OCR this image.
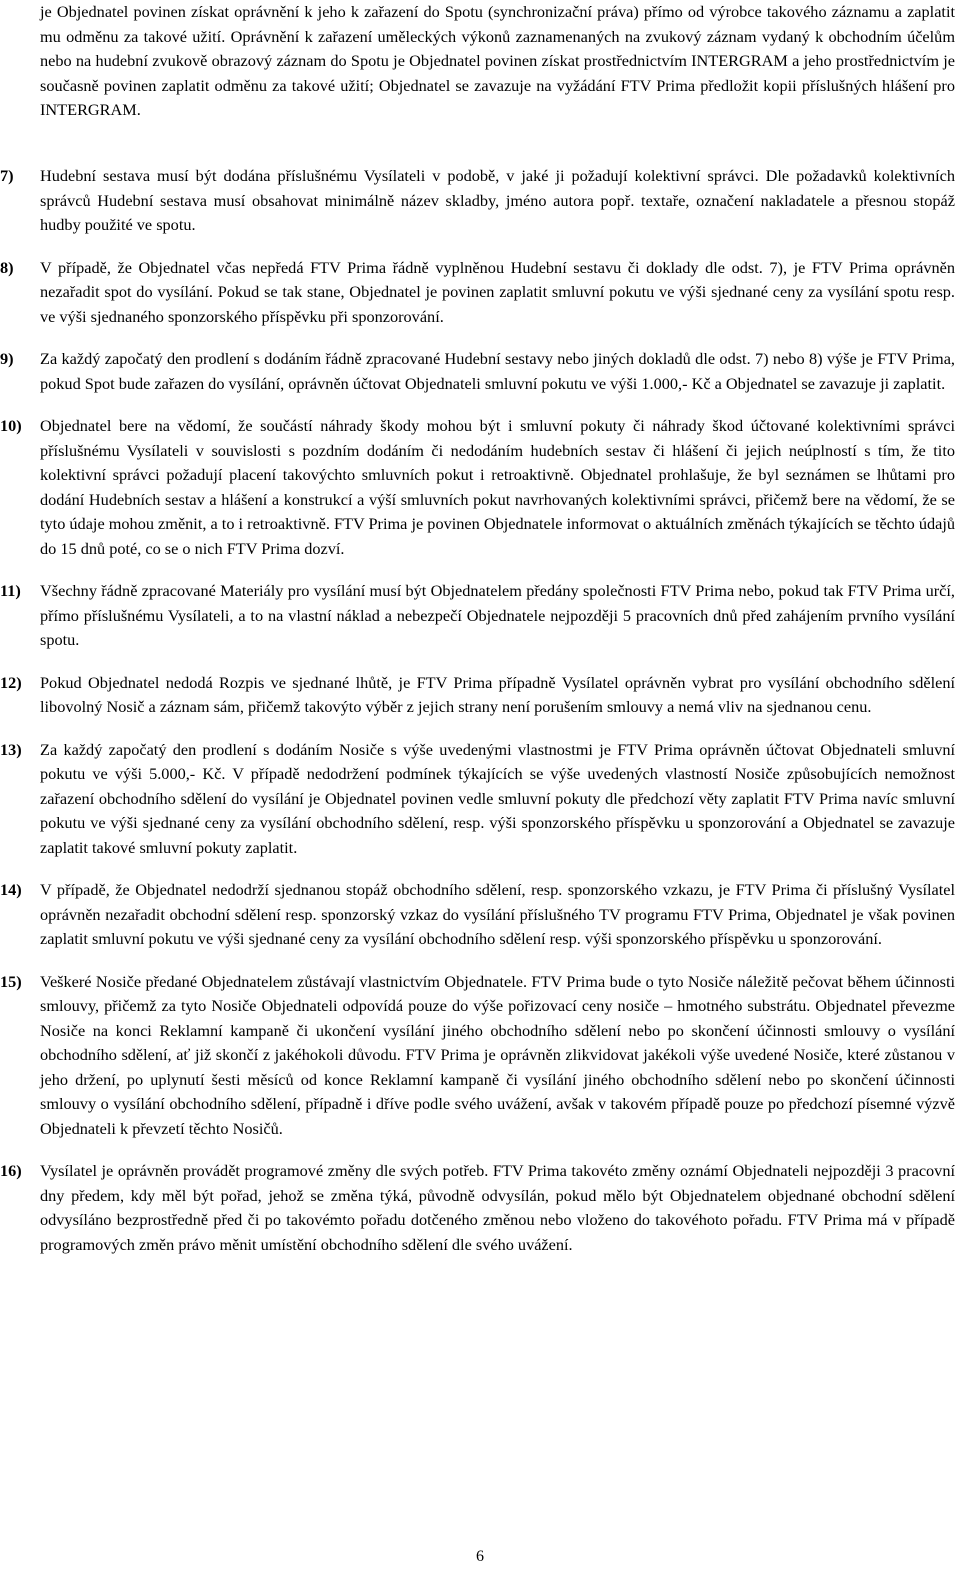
je Objednatel povinen získat oprávnění k jeho k zařazení do Spotu (synchronizační práva) přímo od výrobce takového záznamu a zaplatit mu odměnu za takové užití. Oprávnění k zařazení uměleckých výkonů zaznamenaných na zvukový záznam vydaný k obchodním účelům nebo na hudební zvukově obrazový záznam do Spotu je Objednatel povinen získat prostřednictvím INTERGRAM a jeho prostřednictvím je současně povinen zaplatit odměnu za takové užití; Objednatel se zavazuje na vyžádání FTV Prima předložit kopii příslušných hlášení pro INTERGRAM.

7) Hudební sestava musí být dodána příslušnému Vysílateli v podobě, v jaké ji požadují kolektivní správci. Dle požadavků kolektivních správců Hudební sestava musí obsahovat minimálně název skladby, jméno autora popř. textaře, označení nakladatele a přesnou stopáž hudby použité ve spotu.

8) V případě, že Objednatel včas nepředá FTV Prima řádně vyplněnou Hudební sestavu či doklady dle odst. 7), je FTV Prima oprávněn nezařadit spot do vysílání. Pokud se tak stane, Objednatel je povinen zaplatit smluvní pokutu ve výši sjednané ceny za vysílání spotu resp. ve výši sjednaného sponzorského příspěvku při sponzorování.

9) Za každý započatý den prodlení s dodáním řádně zpracované Hudební sestavy nebo jiných dokladů dle odst. 7) nebo 8) výše je FTV Prima, pokud Spot bude zařazen do vysílání, oprávněn účtovat Objednateli smluvní pokutu ve výši 1.000,- Kč a Objednatel se zavazuje ji zaplatit.

10) Objednatel bere na vědomí, že součástí náhrady škody mohou být i smluvní pokuty či náhrady škod účtované kolektivními správci příslušnému Vysílateli v souvislosti s pozdním dodáním či nedodáním hudebních sestav či hlášení či jejich neúplností s tím, že tito kolektivní správci požadují placení takovýchto smluvních pokut i retroaktivně. Objednatel prohlašuje, že byl seznámen se lhůtami pro dodání Hudebních sestav a hlášení a konstrukcí a výší smluvních pokut navrhovaných kolektivními správci, přičemž bere na vědomí, že se tyto údaje mohou změnit, a to i retroaktivně. FTV Prima je povinen Objednatele informovat o aktuálních změnách týkajících se těchto údajů do 15 dnů poté, co se o nich FTV Prima dozví.

11) Všechny řádně zpracované Materiály pro vysílání musí být Objednatelem předány společnosti FTV Prima nebo, pokud tak FTV Prima určí, přímo příslušnému Vysílateli, a to na vlastní náklad a nebezpečí Objednatele nejpozději 5 pracovních dnů před zahájením prvního vysílání spotu.

12) Pokud Objednatel nedodá Rozpis ve sjednané lhůtě, je FTV Prima případně Vysílatel oprávněn vybrat pro vysílání obchodního sdělení libovolný Nosič a záznam sám, přičemž takovýto výběr z jejich strany není porušením smlouvy a nemá vliv na sjednanou cenu.

13) Za každý započatý den prodlení s dodáním Nosiče s výše uvedenými vlastnostmi je FTV Prima oprávněn účtovat Objednateli smluvní pokutu ve výši 5.000,- Kč. V případě nedodržení podmínek týkajících se výše uvedených vlastností Nosiče způsobujících nemožnost zařazení obchodního sdělení do vysílání je Objednatel povinen vedle smluvní pokuty dle předchozí věty zaplatit FTV Prima navíc smluvní pokutu ve výši sjednané ceny za vysílání obchodního sdělení, resp. výši sponzorského příspěvku u sponzorování a Objednatel se zavazuje zaplatit takové smluvní pokuty zaplatit.

14) V případě, že Objednatel nedodrží sjednanou stopáž obchodního sdělení, resp. sponzorského vzkazu, je FTV Prima či příslušný Vysílatel oprávněn nezařadit obchodní sdělení resp. sponzorský vzkaz do vysílání příslušného TV programu FTV Prima, Objednatel je však povinen zaplatit smluvní pokutu ve výši sjednané ceny za vysílání obchodního sdělení resp. výši sponzorského příspěvku u sponzorování.

15) Veškeré Nosiče předané Objednatelem zůstávají vlastnictvím Objednatele. FTV Prima bude o tyto Nosiče náležitě pečovat během účinnosti smlouvy, přičemž za tyto Nosiče Objednateli odpovídá pouze do výše pořizovací ceny nosiče – hmotného substrátu. Objednatel převezme Nosiče na konci Reklamní kampaně či ukončení vysílání jiného obchodního sdělení nebo po skončení účinnosti smlouvy o vysílání obchodního sdělení, ať již skončí z jakéhokoli důvodu. FTV Prima je oprávněn zlikvidovat jakékoli výše uvedené Nosiče, které zůstanou v jeho držení, po uplynutí šesti měsíců od konce Reklamní kampaně či vysílání jiného obchodního sdělení nebo po skončení účinnosti smlouvy o vysílání obchodního sdělení, případně i dříve podle svého uvážení, avšak v takovém případě pouze po předchozí písemné výzvě Objednateli k převzetí těchto Nosičů.

16) Vysílatel je oprávněn provádět programové změny dle svých potřeb. FTV Prima takovéto změny oznámí Objednateli nejpozději 3 pracovní dny předem, kdy měl být pořad, jehož se změna týká, původně odvysílán, pokud mělo být Objednatelem objednané obchodní sdělení odvysíláno bezprostředně před či po takovémto pořadu dotčeného změnou nebo vloženo do takovéhoto pořadu. FTV Prima má v případě programových změn právo měnit umístění obchodního sdělení dle svého uvážení.

6
